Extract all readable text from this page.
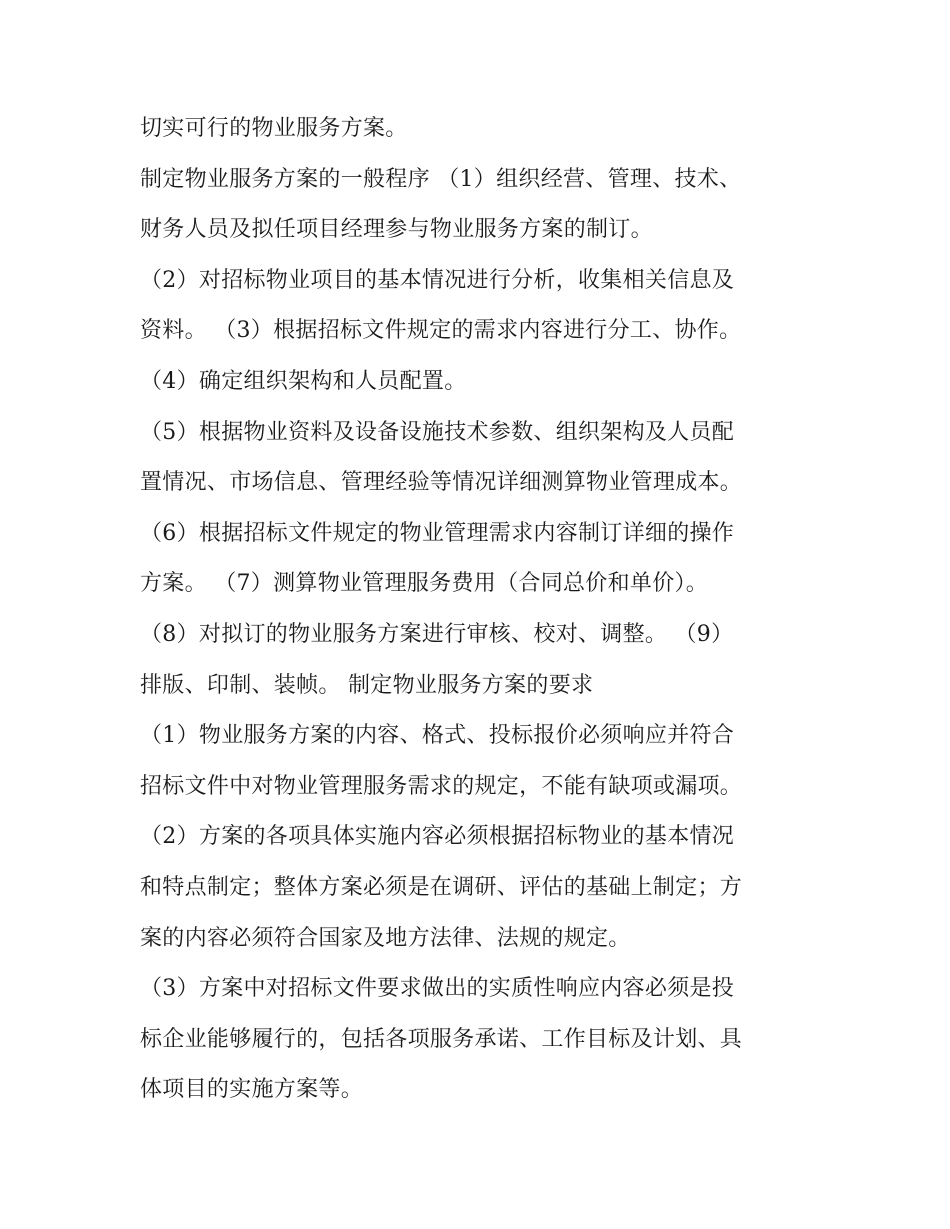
切实可行的物业服务方案。
制定物业服务方案的一般程序 （1）组织经营、管理、技术、
财务人员及拟任项目经理参与物业服务方案的制订。
（2）对招标物业项目的基本情况进行分析，收集相关信息及
资料。 （3）根据招标文件规定的需求内容进行分工、协作。
（4）确定组织架构和人员配置。
（5）根据物业资料及设备设施技术参数、组织架构及人员配
置情况、市场信息、管理经验等情况详细测算物业管理成本。
（6）根据招标文件规定的物业管理需求内容制订详细的操作
方案。 （7）测算物业管理服务费用（合同总价和单价）。
（8）对拟订的物业服务方案进行审核、校对、调整。 （9）
排版、印制、装帧。 制定物业服务方案的要求
（1）物业服务方案的内容、格式、投标报价必须响应并符合
招标文件中对物业管理服务需求的规定，不能有缺项或漏项。
（2）方案的各项具体实施内容必须根据招标物业的基本情况
和特点制定；整体方案必须是在调研、评估的基础上制定；方
案的内容必须符合国家及地方法律、法规的规定。
（3）方案中对招标文件要求做出的实质性响应内容必须是投
标企业能够履行的，包括各项服务承诺、工作目标及计划、具
体项目的实施方案等。
